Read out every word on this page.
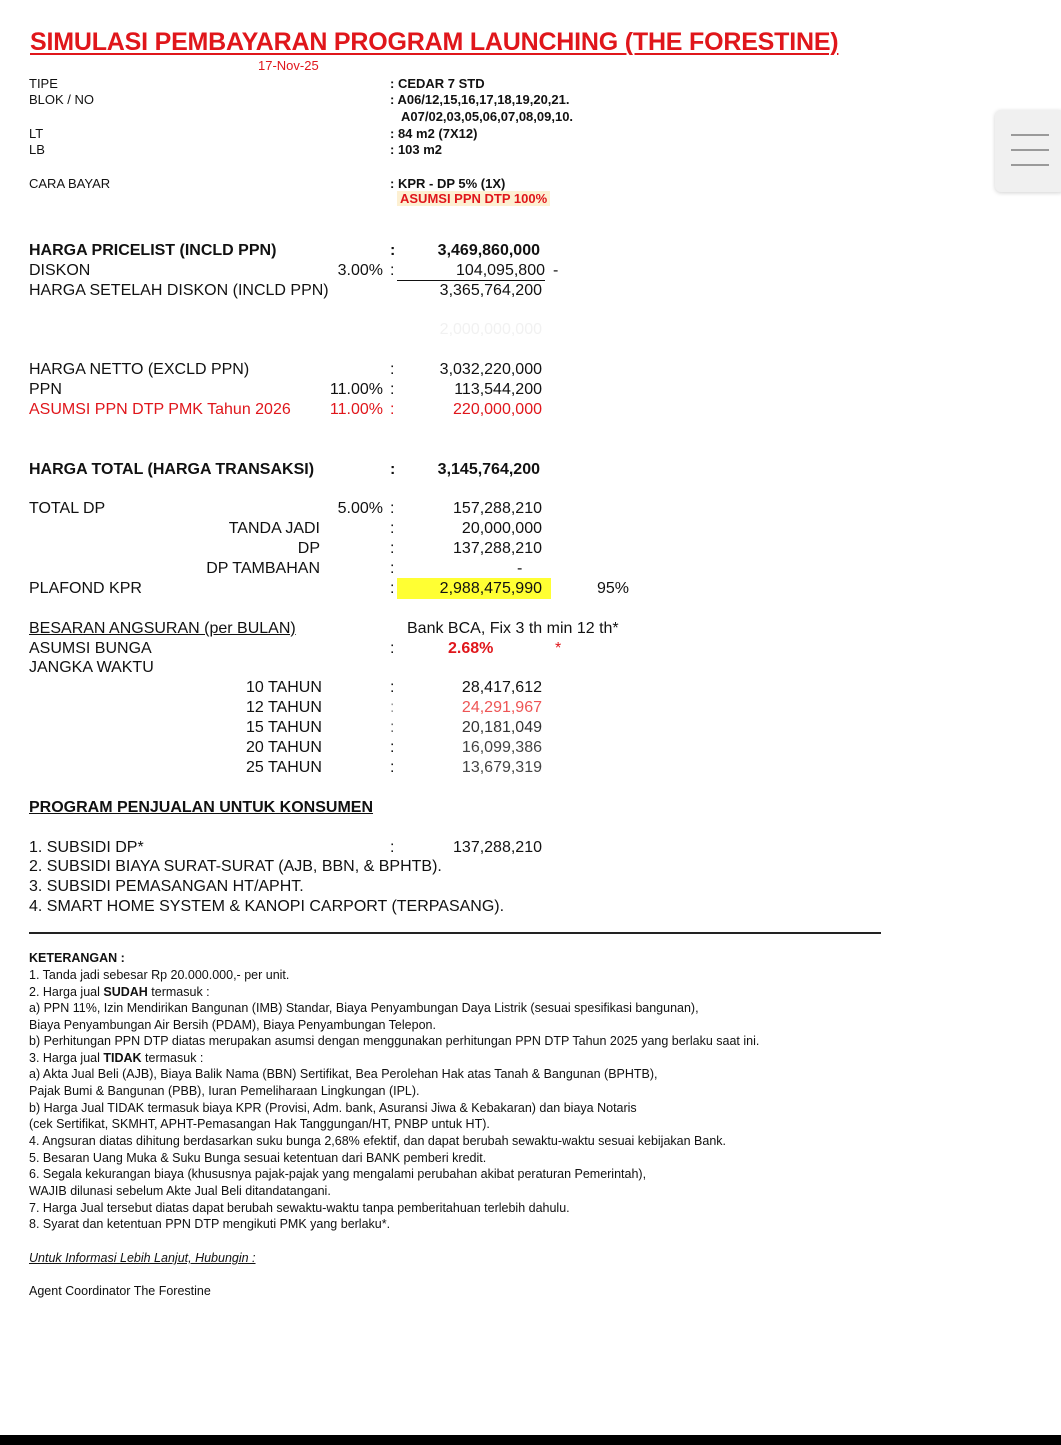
SIMULASI PEMBAYARAN PROGRAM LAUNCHING (THE FORESTINE)
17-Nov-25
TIPE	: CEDAR 7 STD
BLOK / NO	: A06/12,15,16,17,18,19,20,21.
A07/02,03,05,06,07,08,09,10.
LT	: 84 m2 (7X12)
LB	: 103 m2
CARA BAYAR	: KPR - DP 5% (1X)
ASUMSI PPN DTP 100%
HARGA PRICELIST (INCLD PPN)	:	3,469,860,000
DISKON	3.00% :	104,095,800 -
HARGA SETELAH DISKON (INCLD PPN)	3,365,764,200
2,000,000,000
HARGA NETTO (EXCLD PPN)	:	3,032,220,000
PPN	11.00% :	113,544,200
ASUMSI PPN DTP PMK Tahun 2026	11.00% :	220,000,000
HARGA TOTAL (HARGA TRANSAKSI)	:	3,145,764,200
TOTAL DP	5.00% :	157,288,210
TANDA JADI	:	20,000,000
DP	:	137,288,210
DP TAMBAHAN	:	-
PLAFOND KPR	:	2,988,475,990	95%
BESARAN ANGSURAN (per BULAN)	Bank BCA, Fix 3 th min 12 th*
ASUMSI BUNGA	:	2.68%	*
JANGKA WAKTU
10 TAHUN	:	28,417,612
12 TAHUN	:	24,291,967
15 TAHUN	:	20,181,049
20 TAHUN	:	16,099,386
25 TAHUN	:	13,679,319
PROGRAM PENJUALAN UNTUK KONSUMEN
1. SUBSIDI DP*	:	137,288,210
2. SUBSIDI BIAYA SURAT-SURAT (AJB, BBN, & BPHTB).
3. SUBSIDI PEMASANGAN HT/APHT.
4. SMART HOME SYSTEM & KANOPI CARPORT (TERPASANG).
KETERANGAN :
1. Tanda jadi sebesar Rp 20.000.000,- per unit.
2. Harga jual SUDAH termasuk :
a) PPN 11%, Izin Mendirikan Bangunan (IMB) Standar, Biaya Penyambungan Daya Listrik (sesuai spesifikasi bangunan),
Biaya Penyambungan Air Bersih (PDAM), Biaya Penyambungan Telepon.
b) Perhitungan PPN DTP diatas merupakan asumsi dengan menggunakan perhitungan PPN DTP Tahun 2025 yang berlaku saat ini.
3. Harga jual TIDAK termasuk :
a) Akta Jual Beli (AJB), Biaya Balik Nama (BBN) Sertifikat, Bea Perolehan Hak atas Tanah & Bangunan (BPHTB),
Pajak Bumi & Bangunan (PBB), Iuran Pemeliharaan Lingkungan (IPL).
b) Harga Jual TIDAK termasuk biaya KPR (Provisi, Adm. bank, Asuransi Jiwa & Kebakaran) dan biaya Notaris
(cek Sertifikat, SKMHT, APHT-Pemasangan Hak Tanggungan/HT, PNBP untuk HT).
4. Angsuran diatas dihitung berdasarkan suku bunga 2,68% efektif, dan dapat berubah sewaktu-waktu sesuai kebijakan Bank.
5. Besaran Uang Muka & Suku Bunga sesuai ketentuan dari BANK pemberi kredit.
6. Segala kekurangan biaya (khususnya pajak-pajak yang mengalami perubahan akibat peraturan Pemerintah),
WAJIB dilunasi sebelum Akte Jual Beli ditandatangani.
7. Harga Jual tersebut diatas dapat berubah sewaktu-waktu tanpa pemberitahuan terlebih dahulu.
8. Syarat dan ketentuan PPN DTP mengikuti PMK yang berlaku*.
Untuk Informasi Lebih Lanjut, Hubungin :
Agent Coordinator The Forestine
